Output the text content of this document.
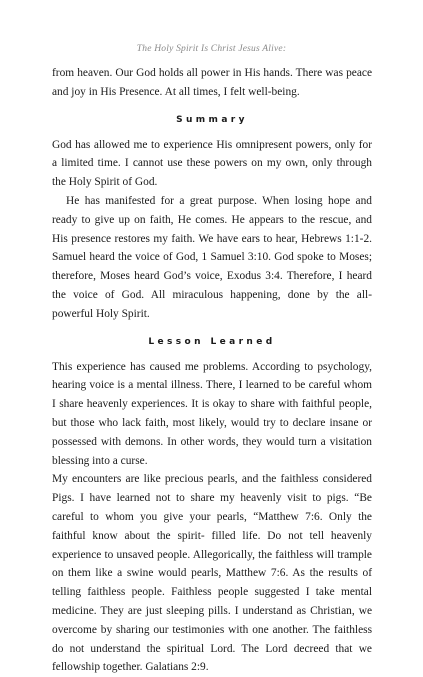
The Holy Spirit Is Christ Jesus Alive:

from heaven. Our God holds all power in His hands. There was peace and joy in His Presence. At all times, I felt well-being.

Summary

God has allowed me to experience His omnipresent powers, only for a limited time. I cannot use these powers on my own, only through the Holy Spirit of God.

He has manifested for a great purpose. When losing hope and ready to give up on faith, He comes. He appears to the rescue, and His presence restores my faith. We have ears to hear, Hebrews 1:1-2. Samuel heard the voice of God, 1 Samuel 3:10. God spoke to Moses; therefore, Moses heard God’s voice, Exodus 3:4. Therefore, I heard the voice of God. All miraculous happening, done by the all- powerful Holy Spirit.

Lesson Learned

This experience has caused me problems. According to psychology, hearing voice is a mental illness. There, I learned to be careful whom I share heavenly experiences. It is okay to share with faithful people, but those who lack faith, most likely, would try to declare insane or possessed with demons. In other words, they would turn a visitation blessing into a curse.

My encounters are like precious pearls, and the faithless considered Pigs. I have learned not to share my heavenly visit to pigs. “Be careful to whom you give your pearls, “Matthew 7:6. Only the faithful know about the spirit- filled life. Do not tell heavenly experience to unsaved people. Allegorically, the faithless will trample on them like a swine would pearls, Matthew 7:6. As the results of telling faithless people. Faithless people suggested I take mental medicine. They are just sleeping pills. I understand as Christian, we overcome by sharing our testimonies with one another. The faithless do not understand the spiritual Lord. The Lord decreed that we fellowship together. Galatians 2:9.
